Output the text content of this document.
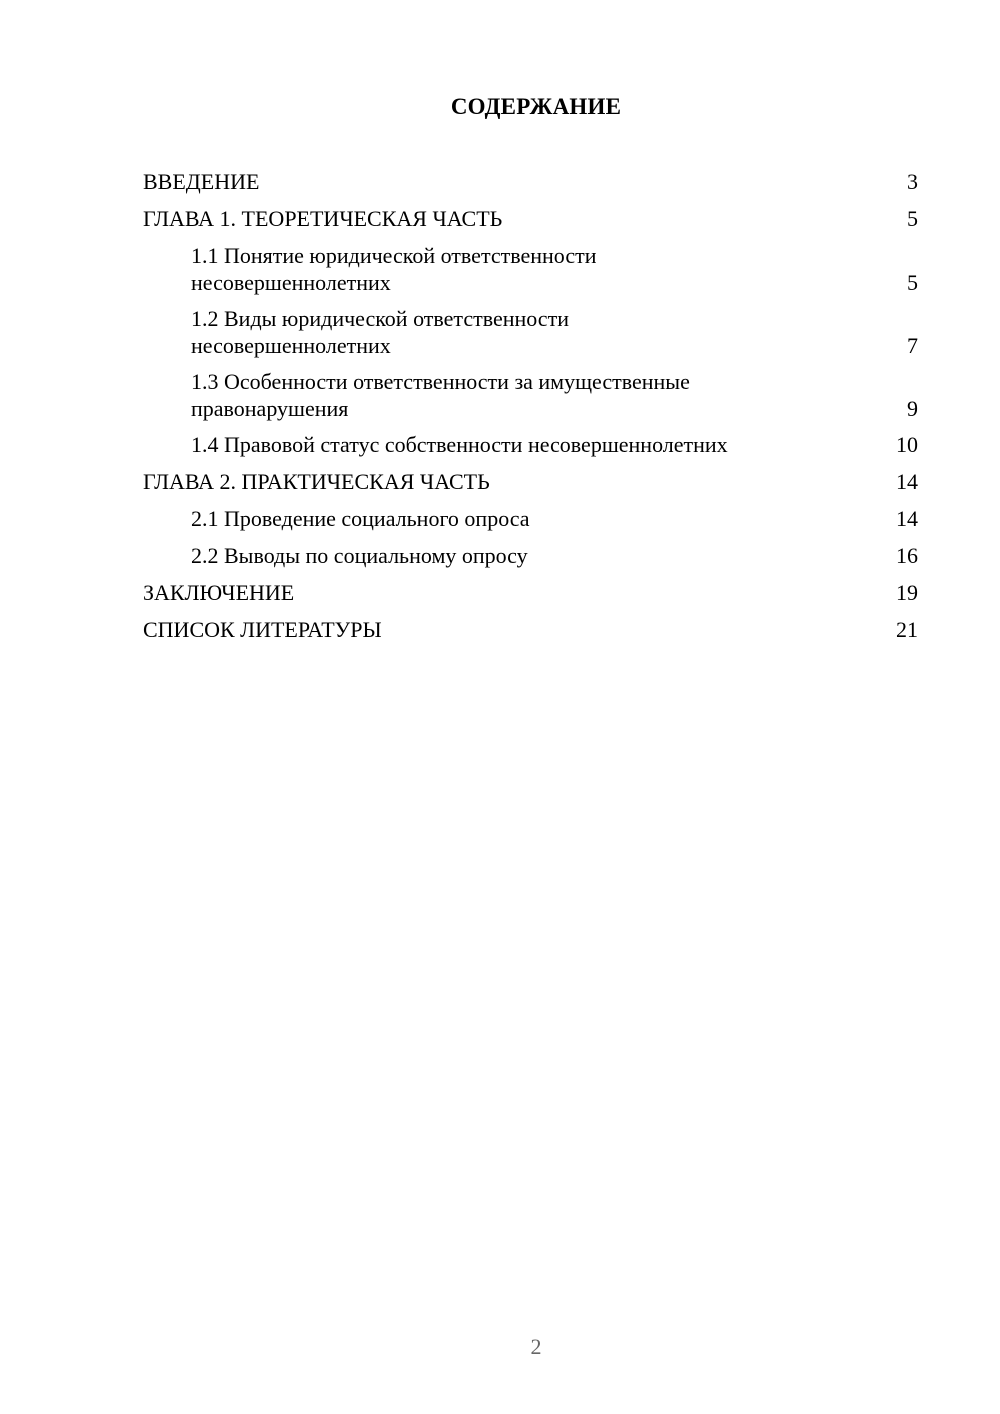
СОДЕРЖАНИЕ
ВВЕДЕНИЕ	3
ГЛАВА 1. ТЕОРЕТИЧЕСКАЯ ЧАСТЬ	5
1.1 Понятие юридической ответственности
несовершеннолетних	5
1.2 Виды юридической ответственности
несовершеннолетних	7
1.3 Особенности ответственности за имущественные
правонарушения	9
1.4 Правовой статус собственности несовершеннолетних	10
ГЛАВА 2. ПРАКТИЧЕСКАЯ ЧАСТЬ	14
2.1 Проведение социального опроса	14
2.2 Выводы по социальному опросу	16
ЗАКЛЮЧЕНИЕ	19
СПИСОК ЛИТЕРАТУРЫ	21
2
